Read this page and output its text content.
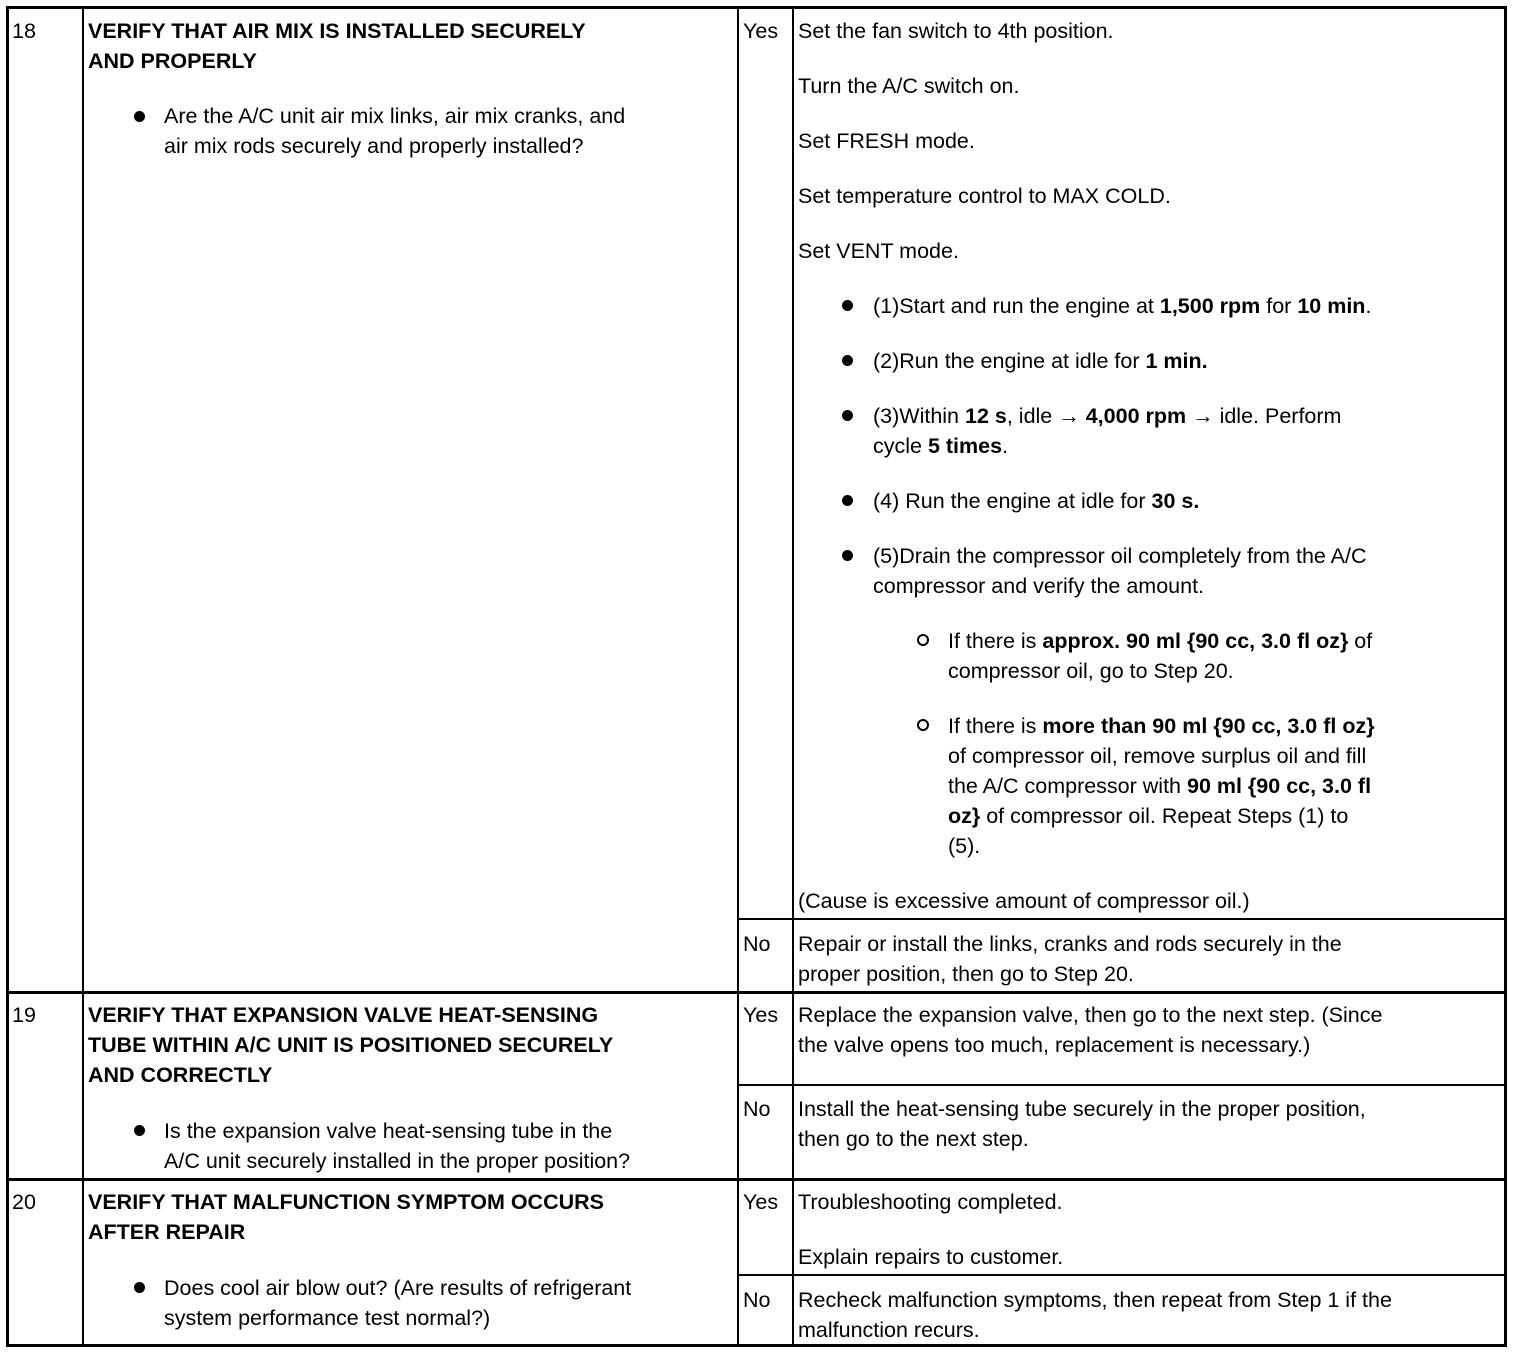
18 VERIFY THAT AIR MIX IS INSTALLED SECURELY
AND PROPERLY
Are the A/C unit air mix links, air mix cranks, and
air mix rods securely and properly installed?
Yes Set the fan switch to 4th position.
Turn the A/C switch on.
Set FRESH mode.
Set temperature control to MAX COLD.
Set VENT mode.
(1)Start and run the engine at 1,500 rpm for 10 min.
(2)Run the engine at idle for 1 min.
(3)Within 12 s, idle → 4,000 rpm → idle. Perform
cycle 5 times.
(4) Run the engine at idle for 30 s.
(5)Drain the compressor oil completely from the A/C
compressor and verify the amount.
If there is approx. 90 ml {90 cc, 3.0 fl oz} of
compressor oil, go to Step 20.
If there is more than 90 ml {90 cc, 3.0 fl oz}
of compressor oil, remove surplus oil and fill
the A/C compressor with 90 ml {90 cc, 3.0 fl
oz} of compressor oil. Repeat Steps (1) to
(5).
(Cause is excessive amount of compressor oil.)
No Repair or install the links, cranks and rods securely in the
proper position, then go to Step 20.
19 VERIFY THAT EXPANSION VALVE HEAT-SENSING
TUBE WITHIN A/C UNIT IS POSITIONED SECURELY
AND CORRECTLY
Is the expansion valve heat-sensing tube in the
A/C unit securely installed in the proper position?
Yes Replace the expansion valve, then go to the next step. (Since
the valve opens too much, replacement is necessary.)
No Install the heat-sensing tube securely in the proper position,
then go to the next step.
20 VERIFY THAT MALFUNCTION SYMPTOM OCCURS
AFTER REPAIR
Does cool air blow out? (Are results of refrigerant
system performance test normal?)
Yes Troubleshooting completed.
Explain repairs to customer.
No Recheck malfunction symptoms, then repeat from Step 1 if the
malfunction recurs.
